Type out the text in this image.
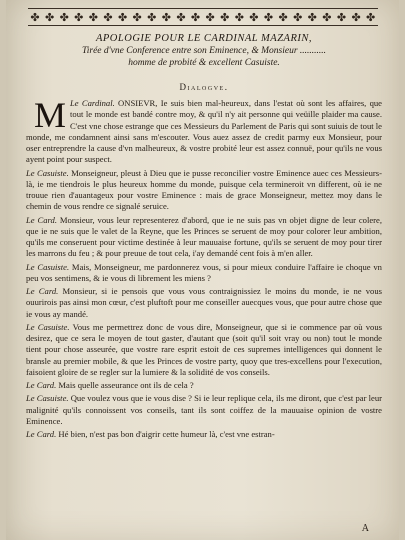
✤ ✤ ✤ ✤ ✤ ✤ ✤ ✤ ✤ ✤ ✤ ✤ ✤ ✤ ✤ ✤ ✤ ✤ ✤ ✤ ✤ ✤ ✤ ✤
APOLOGIE POUR LE CARDINAL MAZARIN,
Tirée d'vne Conference entre son Eminence, & Monsieur ...........
homme de probité & excellent Casuiste.
Dialogve.

Le Cardinal.
M	ONSIEVR, Ie suis bien mal-heureux, dans l'estat où sont les affaires, que tout le monde est bandé contre moy, & qu'il n'y ait personne qui veüille plaider ma cause. C'est vne chose estrange que ces Messieurs du Parlement de Paris qui sont suiuis de tout le monde, me condamnent ainsi sans m'escouter. Vous auez assez de credit parmy eux Monsieur, pour oser entreprendre la cause d'vn malheureux, & vostre probité leur est assez connuë, pour qu'ils ne vous ayent point pour suspect.

Le Casuiste. Monseigneur, pleust à Dieu que ie pusse reconcilier vostre Eminence auec ces Messieurs-là, ie me tiendrois le plus heureux homme du monde, puisque cela termineroit vn different, où ie ne trouue rien d'auantageux pour vostre Eminence : mais de grace Monseigneur, mettez moy dans le chemin de vous rendre ce signalé seruice.

Le Card. Monsieur, vous leur representerez d'abord, que ie ne suis pas vn objet digne de leur colere, que ie ne suis que le valet de la Reyne, que les Princes se seruent de moy pour colorer leur ambition, qu'ils me conseruent pour victime destinée à leur mauuaise fortune, qu'ils se seruent de moy pour tirer les marrons du feu ; & pour preuue de tout cela, i'ay demandé cent fois à m'en aller.

Le Casuiste. Mais, Monseigneur, me pardonnerez vous, si pour mieux conduire l'affaire ie choque vn peu vos sentimens, & ie vous di librement les miens ?

Le Card. Monsieur, si ie pensois que vous vous contraignissiez le moins du monde, ie ne vous ouurirois pas ainsi mon cœur, c'est pluftoft pour me conseiller auecques vous, que pour autre chose que ie vous ay mandé.

Le Casuiste. Vous me permettrez donc de vous dire, Monseigneur, que si ie commence par où vous desirez, que ce sera le moyen de tout gaster, d'autant que (soit qu'il soit vray ou non) tout le monde tient pour chose asseurée, que vostre rare esprit estoit de ces supremes intelligences qui donnent le bransle au premier mobile, & que les Princes de vostre party, quoy que tres-excellens pour l'execution, faisoient gloire de se regler sur la lumiere & la solidité de vos conseils.

Le Card. Mais quelle asseurance ont ils de cela ?

Le Casuiste. Que voulez vous que ie vous dise ? Si ie leur replique cela, ils me diront, que c'est par leur malignité qu'ils connoissent vos conseils, tant ils sont coiffez de la mauuaise opinion de vostre Eminence.

Le Card. Hé bien, n'est pas bon d'aigrir cette humeur là, c'est vne estran-

A
